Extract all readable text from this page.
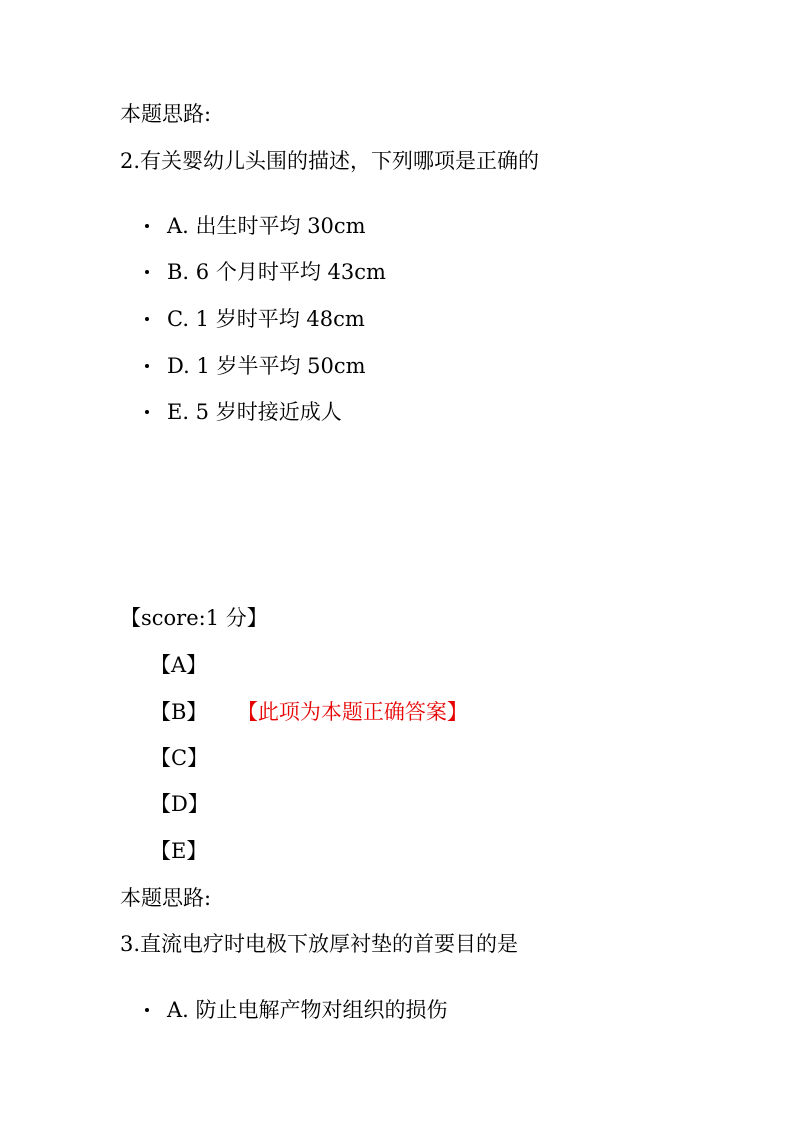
本题思路:
2.有关婴幼儿头围的描述，下列哪项是正确的
A. 出生时平均 30cm
B. 6 个月时平均 43cm
C. 1 岁时平均 48cm
D. 1 岁半平均 50cm
E. 5 岁时接近成人
【score:1 分】
【A】
【B】 【此项为本题正确答案】
【C】
【D】
【E】
本题思路:
3.直流电疗时电极下放厚衬垫的首要目的是
A. 防止电解产物对组织的损伤
